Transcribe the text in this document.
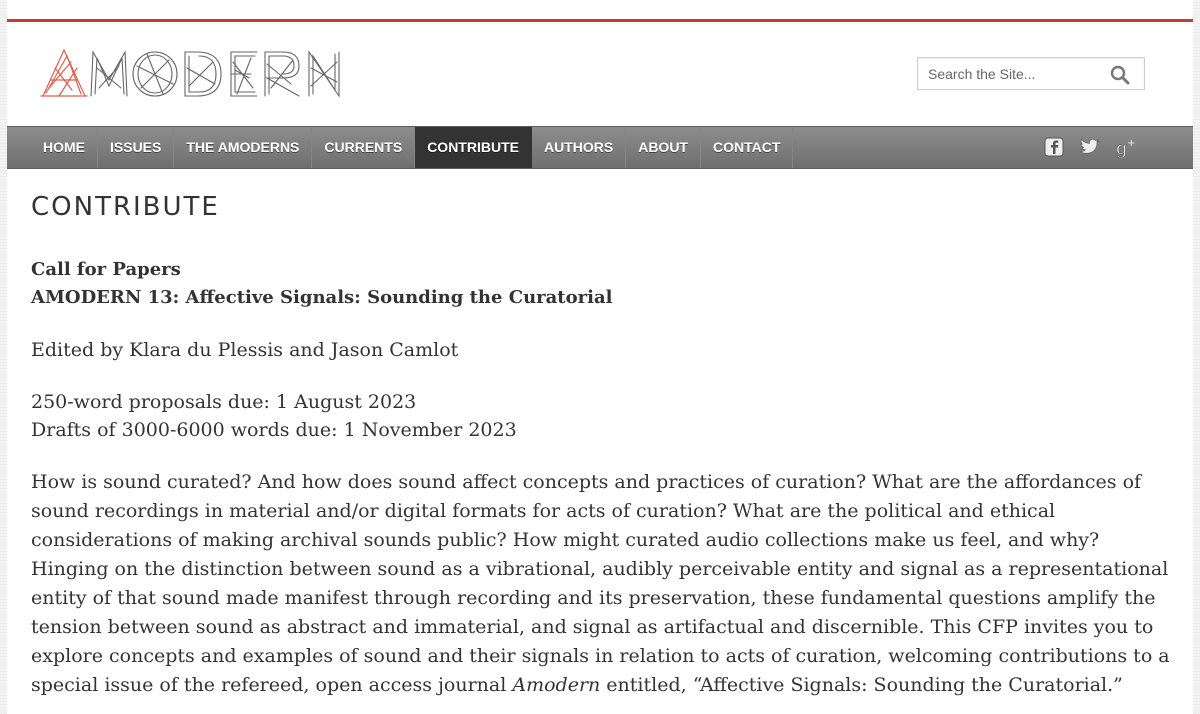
Search the Site...
HOME	ISSUES	THE AMODERNS	CURRENTS	CONTRIBUTE	AUTHORS	ABOUT	CONTACT	g +
CONTRIBUTE

Call for Papers

AMODERN 13: Affective Signals: Sounding the Curatorial

Edited by Klara du Plessis and Jason Camlot

250-word proposals due: 1 August 2023

Drafts of 3000-6000 words due: 1 November 2023

How is sound curated? And how does sound affect concepts and practices of curation? What are the affordances of sound recordings in material and/or digital formats for acts of curation? What are the political and ethical considerations of making archival sounds public? How might curated audio collections make us feel, and why? Hinging on the distinction between sound as a vibrational, audibly perceivable entity and signal as a representational entity of that sound made manifest through recording and its preservation, these fundamental questions amplify the tension between sound as abstract and immaterial, and signal as artifactual and discernible. This CFP invites you to explore concepts and examples of sound and their signals in relation to acts of curation, welcoming contributions to a special issue of the refereed, open access journal Amodern entitled, “Affective Signals: Sounding the Curatorial.”
